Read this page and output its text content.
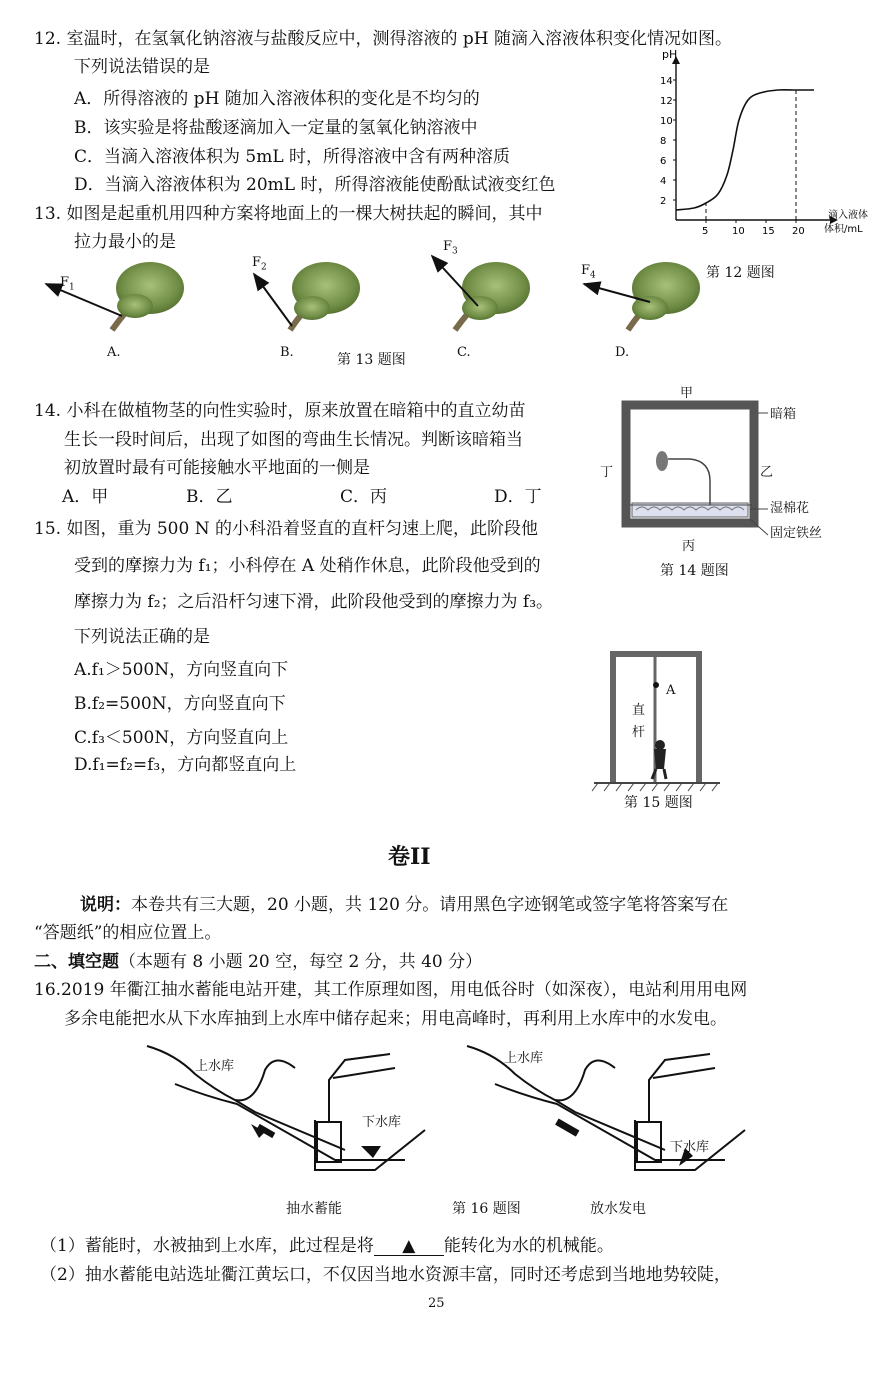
12. 室温时，在氢氧化钠溶液与盐酸反应中，测得溶液的 pH 随滴入溶液体积变化情况如图。
下列说法错误的是
A．所得溶液的 pH 随加入溶液体积的变化是不均匀的
B．该实验是将盐酸逐滴加入一定量的氢氧化钠溶液中
C．当滴入溶液体积为 5mL 时，所得溶液中含有两种溶质
D．当滴入溶液体积为 20mL 时，所得溶液能使酚酞试液变红色
pH
滴入液体
体积/mL
2
4
6
8
10
12
14
5 10 15 20
第 12 题图
13. 如图是起重机用四种方案将地面上的一棵大树扶起的瞬间，其中
拉力最小的是
$F_1$
$F_2$
$F_3$
$F_4$
A.	B.	第 13 题图	C.	D.
14. 小科在做植物茎的向性实验时，原来放置在暗箱中的直立幼苗
生长一段时间后，出现了如图的弯曲生长情况。判断该暗箱当
初放置时最有可能接触水平地面的一侧是
A．甲	B．乙	C．丙	D．丁
甲
暗箱
丁	乙
湿棉花
固定铁丝
丙
第 14 题图
15. 如图，重为 500 N 的小科沿着竖直的直杆匀速上爬，此阶段他
受到的摩擦力为 f₁；小科停在 A 处稍作休息，此阶段他受到的
摩擦力为 f₂；之后沿杆匀速下滑，此阶段他受到的摩擦力为 f₃。
下列说法正确的是
A.f₁＞500N，方向竖直向下
B.f₂=500N，方向竖直向下
C.f₃＜500N，方向竖直向上
D.f₁=f₂=f₃，方向都竖直向上
A
直
杆
第 15 题图
卷II
说明：本卷共有三大题，20 小题，共 120 分。请用黑色字迹钢笔或签字笔将答案写在
“答题纸”的相应位置上。
二、填空题（本题有 8 小题 20 空，每空 2 分，共 40 分）
16.2019 年衢江抽水蓄能电站开建，其工作原理如图，用电低谷时（如深夜），电站利用用电网
多余电能把水从下水库抽到上水库中储存起来；用电高峰时，再利用上水库中的水发电。
上水库
下水库
上水库
下水库
抽水蓄能	第 16 题图	放水发电
（1）蓄能时，水被抽到上水库，此过程是将 ▲ 能转化为水的机械能。
（2）抽水蓄能电站选址衢江黄坛口，不仅因当地水资源丰富，同时还考虑到当地地势较陡，
25
